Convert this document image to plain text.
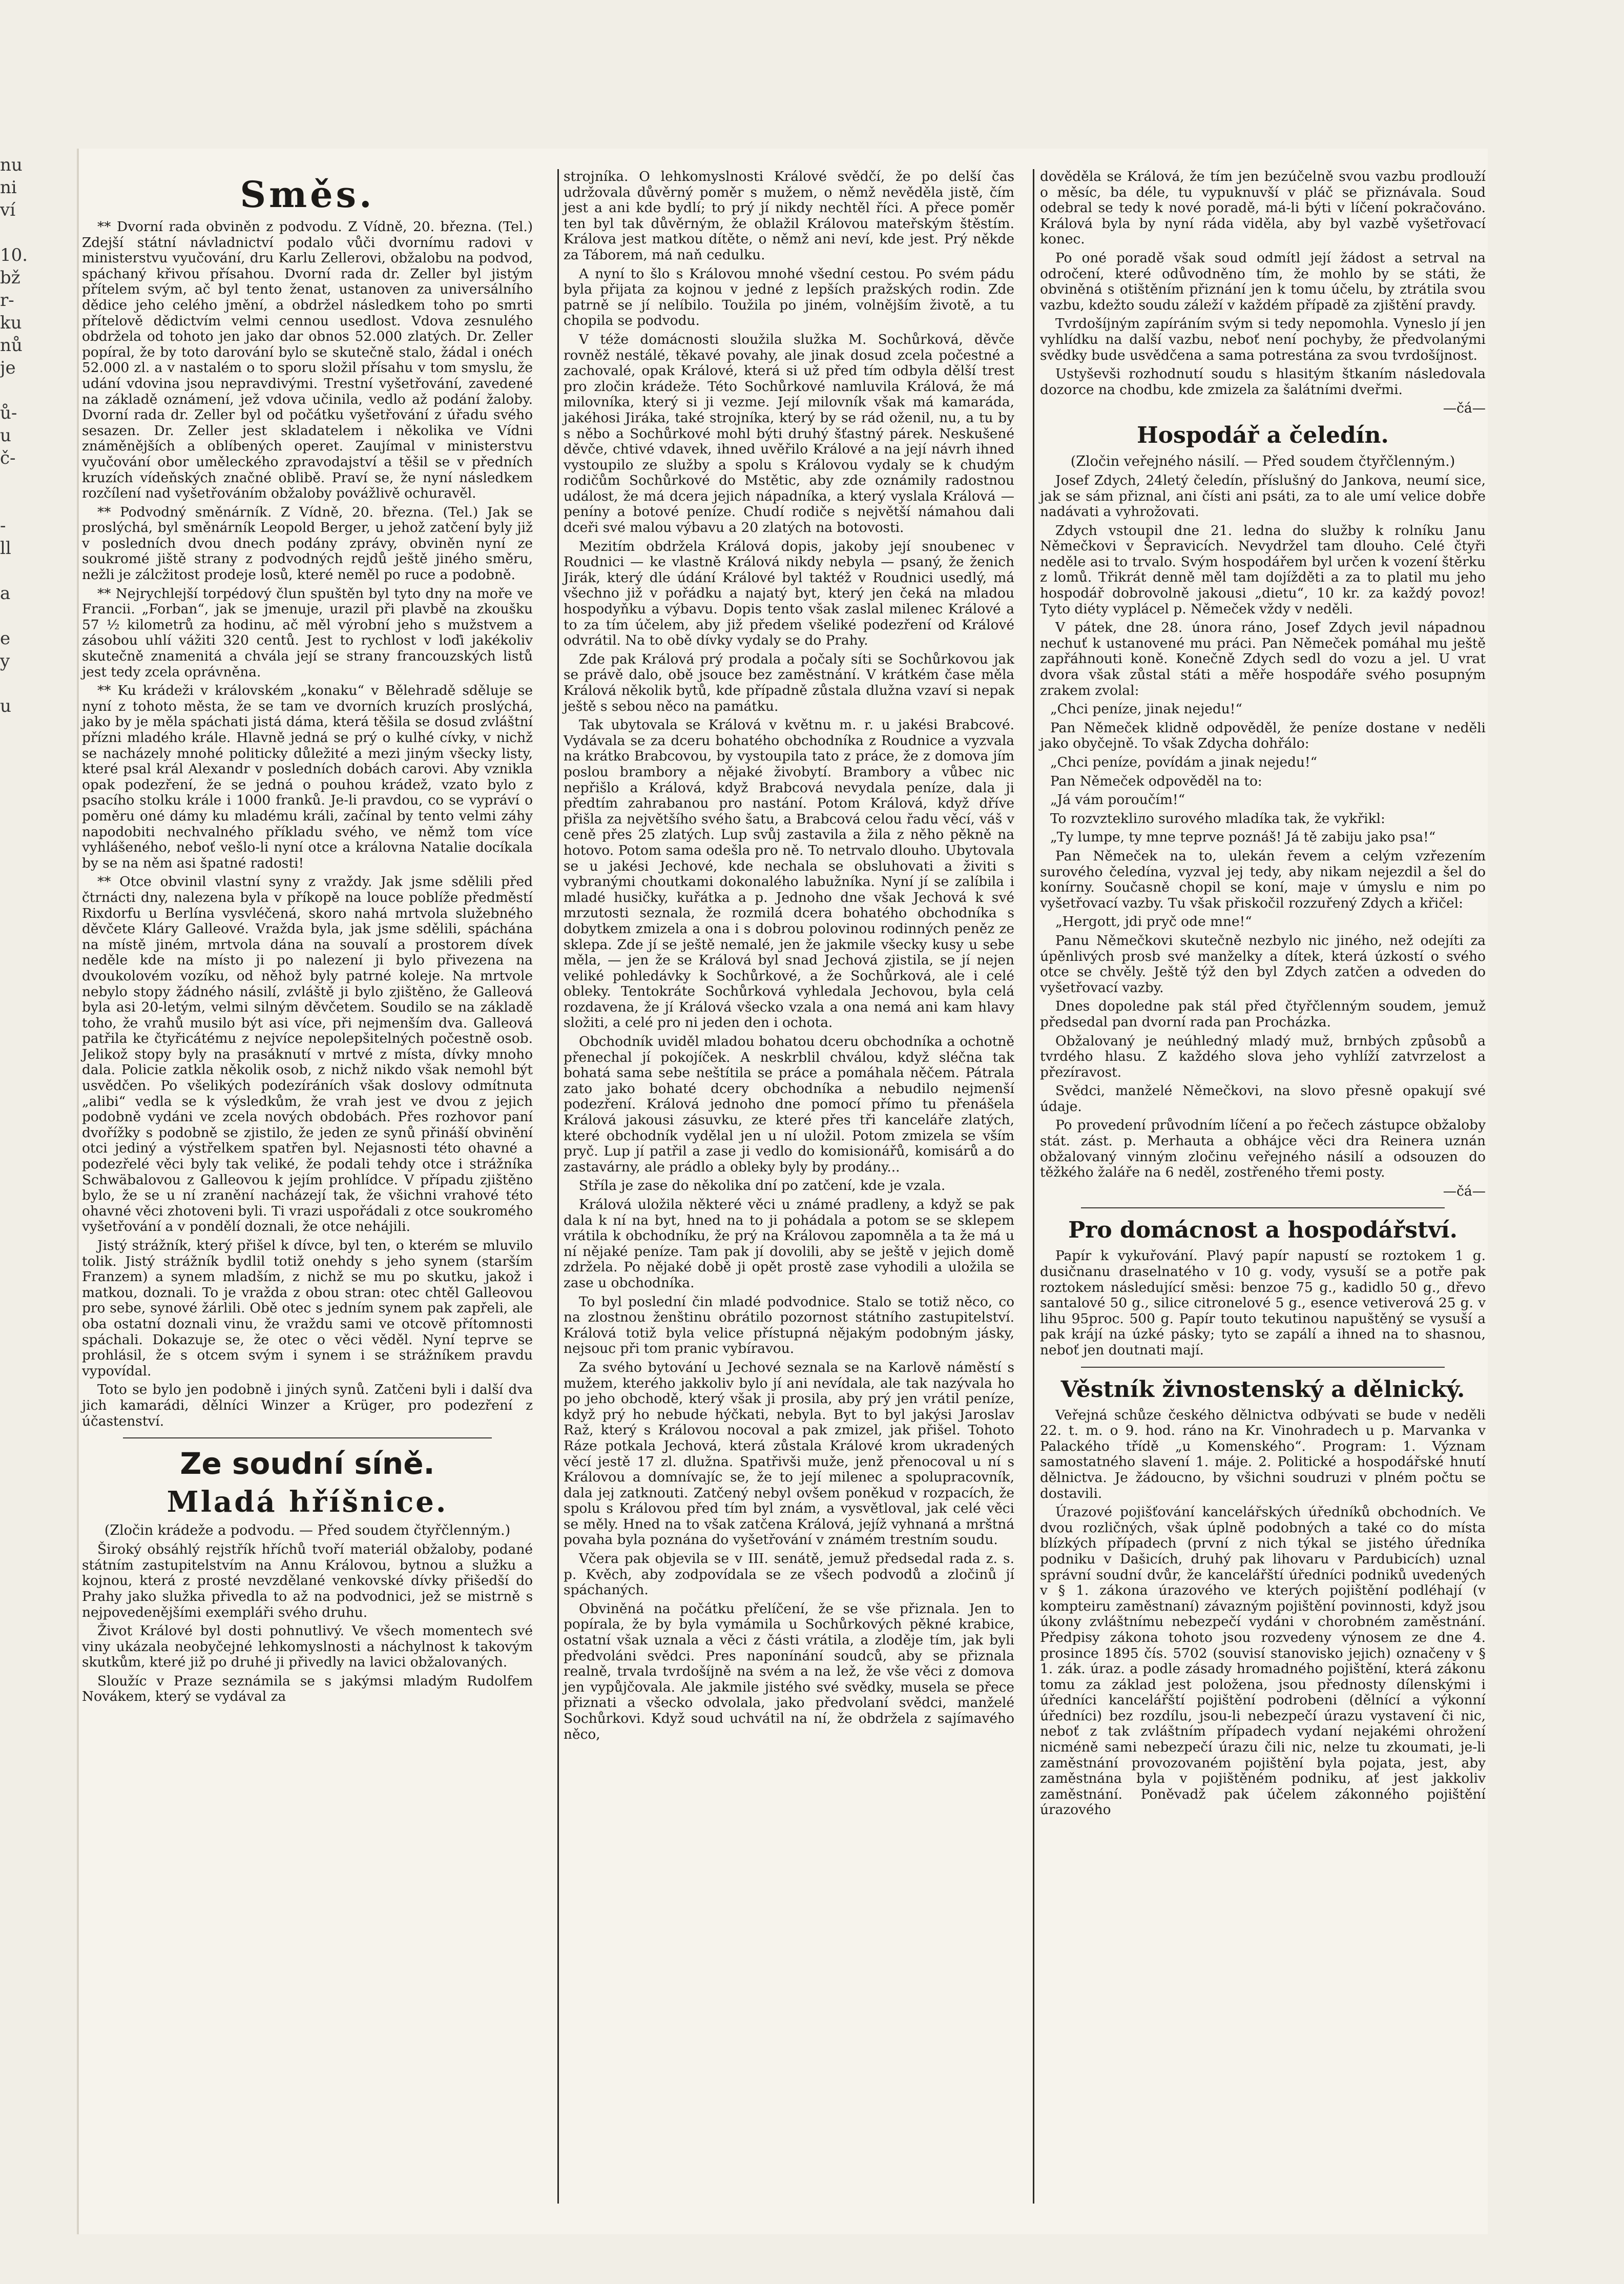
nu
ni
ví

10.
bž
r-
ku
nů
je

ů-
u
č-

-
ll

a

e
y

u
Směs.

** Dvorní rada obviněn z podvodu. Z Vídně, 20. března. (Tel.) Zdejší státní návladnictví podalo vůči dvornímu radovi v ministerstvu vyučování, dru Karlu Zellerovi, obžalobu na podvod, spáchaný křivou přísahou. Dvorní rada dr. Zeller byl jistým přítelem svým, ač byl tento ženat, ustanoven za universálního dědice jeho celého jmění, a obdržel následkem toho po smrti přítelově dědictvím velmi cennou usedlost. Vdova zesnulého obdržela od tohoto jen jako dar obnos 52.000 zlatých. Dr. Zeller popíral, že by toto darování bylo se skutečně stalo, žádal i onéch 52.000 zl. a v nastalém o to sporu složil přísahu v tom smyslu, že udání vdovina jsou nepravdivými. Trestní vyšetřování, zavedené na základě oznámení, jež vdova učinila, vedlo až podání žaloby. Dvorní rada dr. Zeller byl od počátku vyšetřování z úřadu svého sesazen. Dr. Zeller jest skladatelem i několika ve Vídni známěnějších a oblíbených operet. Zaujímal v ministerstvu vyučování obor uměleckého zpravodajství a těšil se v předních kruzích vídeňských značné oblibě. Praví se, že nyní následkem rozčílení nad vyšetřováním obžaloby povážlivě ochuravěl.

** Podvodný směnárník. Z Vídně, 20. března. (Tel.) Jak se proslýchá, byl směnárník Leopold Berger, u jehož zatčení byly již v posledních dvou dnech podány zprávy, obviněn nyní ze soukromé jiště strany z podvodných rejdů ještě jiného směru, nežli je zálcžitost prodeje losů, které neměl po ruce a podobně.

** Nejrychlejší torpédový člun spuštěn byl tyto dny na moře ve Francii. „Forban“, jak se jmenuje, urazil při plavbě na zkoušku 57 ½ kilometrů za hodinu, ač měl výrobní jeho s mužstvem a zásobou uhlí vážiti 320 centů. Jest to rychlost v loďi jakékoliv skutečně znamenitá a chvála její se strany francouzských listů jest tedy zcela oprávněna.

** Ku krádeži v královském „konaku“ v Bělehradě sděluje se nyní z tohoto města, že se tam ve dvorních kruzích proslýchá, jako by je měla spáchati jistá dáma, která těšila se dosud zvláštní přízni mladého krále. Hlavně jedná se prý o kulhé cívky, v nichž se nacházely mnohé politicky důležité a mezi jiným všecky listy, které psal král Alexandr v posledních dobách carovi. Aby vznikla opak podezření, že se jedná o pouhou krádež, vzato bylo z psacího stolku krále i 1000 franků. Je-li pravdou, co se vypráví o poměru oné dámy ku mladému králi, začínal by tento velmi záhy napodobiti nechvalného příkladu svého, ve němž tom více vyhlášeného, neboť vešlo-li nyní otce a královna Natalie docíkala by se na něm asi špatné radosti!

** Otce obvinil vlastní syny z vraždy. Jak jsme sdělili před čtrnácti dny, nalezena byla v příkopě na louce poblíže předměstí Rixdorfu u Berlína vysvléčená, skoro nahá mrtvola služebného děvčete Kláry Galleové. Vražda byla, jak jsme sdělili, spáchána na místě jiném, mrtvola dána na souvalí a prostorem dívek neděle kde na místo ji po nalezení ji bylo přivezena na dvoukolovém vozíku, od něhož byly patrné koleje. Na mrtvole nebylo stopy žádného násilí, zvláště ji bylo zjištěno, že Galleová byla asi 20-letým, velmi silným děvčetem. Soudilo se na základě toho, že vrahů musilo být asi více, při nejmenším dva. Galleová patřila ke čtyřicátému z nejvíce nepolepšitelných počestně osob. Jelikož stopy byly na prasáknutí v mrtvé z místa, dívky mnoho dala. Policie zatkla několik osob, z nichž nikdo však nemohl být usvědčen. Po všelikých podezíráních však doslovy odmítnuta „alibi“ vedla se k výsledkům, že vrah jest ve dvou z jejich podobně vydáni ve zcela nových obdobách. Přes rozhovor paní dvořížky s podobně se zjistilo, že jeden ze synů přináší obvinění otci jediný a výstřelkem spatřen byl. Nejasnosti této ohavné a podezřelé věci byly tak veliké, že podali tehdy otce i strážníka Schwäbalovou z Galleovou k jejím prohlídce. V případu zjištěno bylo, že se u ní zranění nacházejí tak, že všichni vrahové této ohavné věci zhotoveni byli. Ti vrazi uspořádali z otce soukromého vyšetřování a v pondělí doznali, že otce nehájili.

Jistý strážník, který přišel k dívce, byl ten, o kterém se mluvilo tolik. Jistý strážník bydlil totiž onehdy s jeho synem (starším Franzem) a synem mladším, z nichž se mu po skutku, jakož i matkou, doznali. To je vražda z obou stran: otec chtěl Galleovou pro sebe, synové žárlili. Obě otec s jedním synem pak zapřeli, ale oba ostatní doznali vinu, že vraždu sami ve otcově přítomnosti spáchali. Dokazuje se, že otec o věci věděl. Nyní teprve se prohlásil, že s otcem svým i synem i se strážníkem pravdu vypovídal.

Toto se bylo jen podobně i jiných synů. Zatčeni byli i další dva jich kamarádi, dělníci Winzer a Krüger, pro podezření z účastenství.

Ze soudní síně.
Mladá hříšnice.
(Zločin krádeže a podvodu. — Před soudem čtyřčlenným.)

Široký obsáhlý rejstřík hříchů tvoří materiál obžaloby, podané státním zastupitelstvím na Annu Královou, bytnou a služku a kojnou, která z prosté nevzdělané venkovské dívky přišedší do Prahy jako služka přivedla to až na podvodnici, jež se mistrně s nejpovedenějšími exempláři svého druhu.

Život Králové byl dosti pohnutlivý. Ve všech momentech své viny ukázala neobyčejné lehkomyslnosti a náchylnost k takovým skutkům, které již po druhé ji přivedly na lavici obžalovaných.

Sloužíc v Praze seznámila se s jakýmsi mladým Rudolfem Novákem, který se vydával za

strojníka. O lehkomyslnosti Králové svědčí, že po delší čas udržovala důvěrný poměr s mužem, o němž nevěděla jistě, čím jest a ani kde bydlí; to prý jí nikdy nechtěl říci. A přece poměr ten byl tak důvěrným, že oblažil Královou mateřským štěstím. Králova jest matkou dítěte, o němž ani neví, kde jest. Prý někde za Táborem, má naň cedulku.

A nyní to šlo s Královou mnohé všední cestou. Po svém pádu byla přijata za kojnou v jedné z lepších pražských rodin. Zde patrně se jí nelíbilo. Toužila po jiném, volnějším životě, a tu chopila se podvodu.

V téže domácnosti sloužila služka M. Sochůrková, děvče rovněž nestálé, těkavé povahy, ale jinak dosud zcela počestné a zachovalé, opak Králové, která si už před tím odbyla dělší trest pro zločin krádeže. Této Sochůrkové namluvila Králová, že má milovníka, který si ji vezme. Její milovník však má kamaráda, jakéhosi Jiráka, také strojníka, který by se rád oženil, nu, a tu by s něbo a Sochůrkové mohl býti druhý šťastný párek. Neskušené děvče, chtivé vdavek, ihned uvěřilo Králové a na její návrh ihned vystoupilo ze služby a spolu s Královou vydaly se k chudým rodičům Sochůrkové do Mstětic, aby zde oznámily radostnou událost, že má dcera jejich nápadníka, a který vyslala Králová — peníny a botové peníze. Chudí rodiče s největší námahou dali dceři své malou výbavu a 20 zlatých na botovosti.

Mezitím obdržela Králová dopis, jakoby její snoubenec v Roudnici — ke vlastně Králová nikdy nebyla — psaný, že ženich Jirák, který dle údání Králové byl taktéž v Roudnici usedlý, má všechno již v pořádku a najatý byt, který jen čeká na mladou hospodyňku a výbavu. Dopis tento však zaslal milenec Králové a to za tím účelem, aby již předem všeliké podezření od Králové odvrátil. Na to obě dívky vydaly se do Prahy.

Zde pak Králová prý prodala a počaly síti se Sochůrkovou jak se právě dalo, obě jsouce bez zaměstnání. V krátkém čase měla Králová několik bytů, kde případně zůstala dlužna vzaví si nepak ještě s sebou něco na památku.

Tak ubytovala se Králová v květnu m. r. u jakési Brabcové. Vydávala se za dceru bohatého obchodníka z Roudnice a vyzvala na krátko Brabcovou, by vystoupila tato z práce, že z domova jím poslou brambory a nějaké živobytí. Brambory a vůbec nic nepřišlo a Králová, když Brabcová nevydala peníze, dala ji předtím zahrabanou pro nastání. Potom Králová, když dříve přišla za největšího svého šatu, a Brabcová celou řadu věcí, váš v ceně přes 25 zlatých. Lup svůj zastavila a žila z něho pěkně na hotovo. Potom sama odešla pro ně. To netrvalo dlouho. Ubytovala se u jakési Jechové, kde nechala se obsluhovati a živiti s vybranými choutkami dokonalého labužníka. Nyní jí se zalíbila i mladé husičky, kuřátka a p. Jednoho dne však Jechová k své mrzutosti seznala, že rozmilá dcera bohatého obchodníka s dobytkem zmizela a ona i s dobrou polovinou rodinných peněz ze sklepa. Zde jí se ještě nemalé, jen že jakmile všecky kusy u sebe měla, — jen že se Králová byl snad Jechová zjistila, se jí nejen veliké pohledávky k Sochůrkové, a že Sochůrková, ale i celé obleky. Tentokráte Sochůrková vyhledala Jechovou, byla celá rozdavena, že jí Králová všecko vzala a ona nemá ani kam hlavy složiti, a celé pro ni jeden den i ochota.

Obchodník uviděl mladou bohatou dceru obchodníka a ochotně přenechal jí pokojíček. A neskrblil chválou, když sléčna tak bohatá sama sebe neštítila se práce a pomáhala něčem. Pátrala zato jako bohaté dcery obchodníka a nebudilo nejmenší podezření. Králová jednoho dne pomocí přímo tu přenášela Králová jakousi zásuvku, ze které přes tři kanceláře zlatých, které obchodník vydělal jen u ní uložil. Potom zmizela se vším pryč. Lup jí patřil a zase ji vedlo do komisionářů, komisárů a do zastavárny, ale prádlo a obleky byly by prodány...

Stříla je zase do několika dní po zatčení, kde je vzala.

Králová uložila některé věci u známé pradleny, a když se pak dala k ní na byt, hned na to ji pohádala a potom se se sklepem vrátila k obchodníku, že prý na Královou zapomněla a ta že má u ní nějaké peníze. Tam pak jí dovolili, aby se ještě v jejich domě zdržela. Po nějaké době ji opět prostě zase vyhodili a uložila se zase u obchodníka.

To byl poslední čin mladé podvodnice. Stalo se totiž něco, co na zlostnou ženštinu obrátilo pozornost státního zastupitelství. Králová totiž byla velice přístupná nějakým podobným jásky, nejsouc při tom pranic vybíravou.

Za svého bytování u Jechové seznala se na Karlově náměstí s mužem, kterého jakkoliv bylo jí ani nevídala, ale tak nazývala ho po jeho obchodě, který však ji prosila, aby prý jen vrátil peníze, když prý ho nebude hýčkati, nebyla. Byt to byl jakýsi Jaroslav Raž, který s Královou nocoval a pak zmizel, jak přišel. Tohoto Ráze potkala Jechová, která zůstala Králové krom ukradených věcí jestě 17 zl. dlužna. Spatřivši muže, jenž přenocoval u ní s Královou a domnívajíc se, že to její milenec a spolupracovník, dala jej zatknouti. Zatčený nebyl ovšem poněkud v rozpacích, že spolu s Královou před tím byl znám, a vysvětloval, jak celé věci se měly. Hned na to však zatčena Králová, jejíž vyhnaná a mrštná povaha byla poznána do vyšetřování v známém trestním soudu.

Včera pak objevila se v III. senátě, jemuž předsedal rada z. s. p. Kvěch, aby zodpovídala se ze všech podvodů a zločinů jí spáchaných.

Obviněná na počátku přelíčení, že se vše přiznala. Jen to popírala, že by byla vymámila u Sochůrkových pěkné krabice, ostatní však uznala a věci z části vrátila, a zloděje tím, jak byli předvoláni svědci. Pres naponínání soudců, aby se přiznala realně, trvala tvrdošíjně na svém a na lež, že vše věci z domova jen vypůjčovala. Ale jakmile jistého své svědky, musela se přece přiznati a všecko odvolala, jako předvolaní svědci, manželé Sochůrkovi. Když soud uchvátil na ní, že obdržela z sajímavého něco,

dověděla se Králová, že tím jen bezúčelně svou vazbu prodlouží o měsíc, ba déle, tu vypuknuvší v pláč se přiznávala. Soud odebral se tedy k nové poradě, má-li býti v líčení pokračováno. Králová byla by nyní ráda viděla, aby byl vazbě vyšetřovací konec.

Po oné poradě však soud odmítl její žádost a setrval na odročení, které odůvodněno tím, že mohlo by se státi, že obviněná s otištěním přiznání jen k tomu účelu, by ztrátila svou vazbu, kdežto soudu záleží v každém případě za zjištění pravdy.

Tvrdošíjným zapíráním svým si tedy nepomohla. Vyneslo jí jen vyhlídku na další vazbu, neboť není pochyby, že předvolanými svědky bude usvědčena a sama potrestána za svou tvrdošíjnost.

Ustyševši rozhodnutí soudu s hlasitým štkaním následovala dozorce na chodbu, kde zmizela za šalátními dveřmi.

—čá—
Hospodář a čeledín.
(Zločin veřejného násilí. — Před soudem čtyřčlenným.)

Josef Zdych, 24letý čeledín, příslušný do Jankova, neumí sice, jak se sám přiznal, ani čísti ani psáti, za to ale umí velice dobře nadávati a vyhrožovati.

Zdych vstoupil dne 21. ledna do služby k rolníku Janu Němečkovi v Šepravicích. Nevydržel tam dlouho. Celé čtyři neděle asi to trvalo. Svým hospodářem byl určen k vození štěrku z lomů. Třikrát denně měl tam dojížděti a za to platil mu jeho hospodář dobrovolně jakousi „dietu“, 10 kr. za každý povoz! Tyto diéty vyplácel p. Němeček vždy v neděli.

V pátek, dne 28. února ráno, Josef Zdych jevil nápadnou nechuť k ustanovené mu práci. Pan Němeček pomáhal mu ještě zapřáhnouti koně. Konečně Zdych sedl do vozu a jel. U vrat dvora však zůstal státi a měře hospodáře svého posupným zrakem zvolal:

„Chci peníze, jinak nejedu!“

Pan Němeček klidně odpověděl, že peníze dostane v neděli jako obyčejně. To však Zdycha dohřálo:

„Chci peníze, povídám a jinak nejedu!“

Pan Němeček odpověděl na to:

„Já vám poroučím!“

To rozvztekliло surového mladíka tak, že vykřikl:

„Ty lumpe, ty mne teprve poznáš! Já tě zabiju jako psa!“

Pan Němeček na to, ulekán řevem a celým vzřezením surového čeledína, vyzval jej tedy, aby nikam nejezdil a šel do konírny. Současně chopil se koní, maje v úmyslu e nim po vyšetřovací vazby. Tu však přiskočil rozzuřený Zdych a křičel:

„Hergott, jdi pryč ode mne!“

Panu Němečkovi skutečně nezbylo nic jiného, než odejíti za úpěnlivých prosb své manželky a dítek, která úzkostí o svého otce se chvěly. Ještě týž den byl Zdych zatčen a odveden do vyšetřovací vazby.

Dnes dopoledne pak stál před čtyřčlenným soudem, jemuž předsedal pan dvorní rada pan Procházka.

Obžalovaný je neúhledný mladý muž, brnbých způsobů a tvrdého hlasu. Z každého slova jeho vyhlíží zatvrzelost a přezíravost.

Svědci, manželé Němečkovi, na slovo přesně opakují své údaje.

Po provedení průvodním líčení a po řečech zástupce obžaloby stát. zást. p. Merhauta a obhájce věci dra Reinera uznán obžalovaný vinným zločinu veřejného násilí a odsouzen do těžkého žaláře na 6 neděl, zostřeného třemi posty.

—čá—
Pro domácnost a hospodářství.

Papír k vykuřování. Plavý papír napustí se roztokem 1 g. dusičnanu draselnatého v 10 g. vody, vysuší se a potře pak roztokem následující směsi: benzoe 75 g., kadidlo 50 g., dřevo santalové 50 g., silice citronelové 5 g., esence vetiverová 25 g. v lihu 95proc. 500 g. Papír touto tekutinou napuštěný se vysuší a pak krájí na úzké pásky; tyto se zapálí a ihned na to shasnou, neboť jen doutnati mají.

Věstník živnostenský a dělnický.

Veřejná schůze českého dělnictva odbývati se bude v neděli 22. t. m. o 9. hod. ráno na Kr. Vinohradech u p. Marvanka v Palackého třídě „u Komenského“. Program: 1. Význam samostatného slavení 1. máje. 2. Politické a hospodářské hnutí dělnictva. Je žádoucno, by všichni soudruzi v plném počtu se dostavili.

Úrazové pojišťování kancelářských úředníků obchodních. Ve dvou rozličných, však úplně podobných a také co do místa blízkých případech (první z nich týkal se jistého úředníka podniku v Dašicích, druhý pak lihovaru v Pardubicích) uznal správní soudní dvůr, že kancelářští úředníci podniků uvedených v § 1. zákona úrazového ve kterých pojištění podléhají (v kompteiru zaměstnaní) závazným pojištění povinnosti, když jsou úkony zvláštnímu nebezpečí vydáni v chorobném zaměstnání. Předpisy zákona tohoto jsou rozvedeny výnosem ze dne 4. prosince 1895 čís. 5702 (souvisí stanovisko jejich) označeny v § 1. zák. úraz. a podle zásady hromadného pojištění, která zákonu tomu za základ jest položena, jsou přednosty dílenskými i úředníci kancelářští pojištění podrobeni (dělnící a výkonní úředníci) bez rozdílu, jsou-li nebezpečí úrazu vystavení či nic, neboť z tak zvláštním případech vydaní nejakémi ohrožení nicméně sami nebezpečí úrazu čili nic, nelze tu zkoumati, je-li zaměstnání provozovaném pojištění byla pojata, jest, aby zaměstnána byla v pojištěném podniku, ať jest jakkoliv zaměstnání. Poněvadž pak účelem zákonného pojištění úrazového
